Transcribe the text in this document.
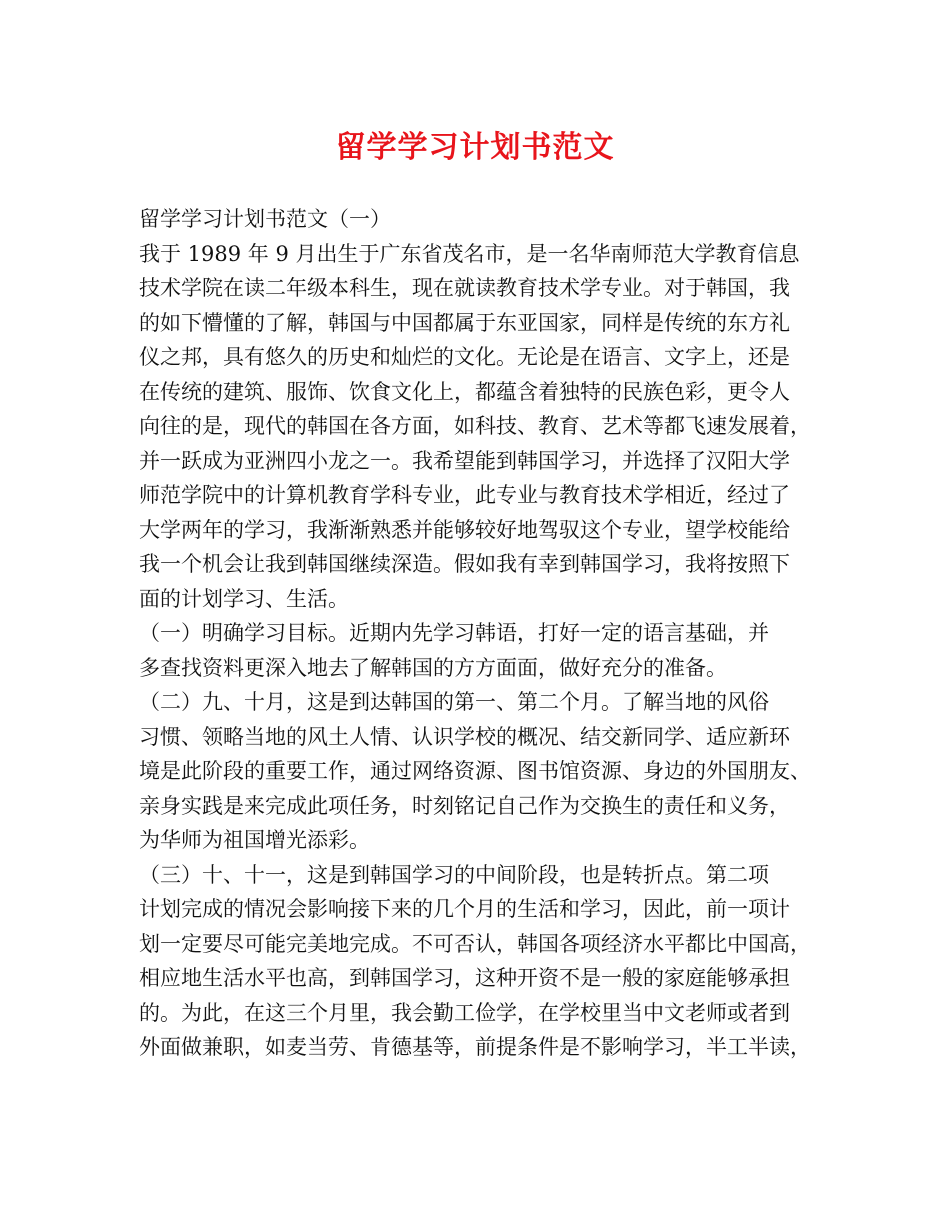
留学学习计划书范文
留学学习计划书范文（一）
我于 1989 年 9 月出生于广东省茂名市，是一名华南师范大学教育信息
技术学院在读二年级本科生，现在就读教育技术学专业。对于韩国，我
的如下懵懂的了解，韩国与中国都属于东亚国家，同样是传统的东方礼
仪之邦，具有悠久的历史和灿烂的文化。无论是在语言、文字上，还是
在传统的建筑、服饰、饮食文化上，都蕴含着独特的民族色彩，更令人
向往的是，现代的韩国在各方面，如科技、教育、艺术等都飞速发展着，
并一跃成为亚洲四小龙之一。我希望能到韩国学习，并选择了汉阳大学
师范学院中的计算机教育学科专业，此专业与教育技术学相近，经过了
大学两年的学习，我渐渐熟悉并能够较好地驾驭这个专业，望学校能给
我一个机会让我到韩国继续深造。假如我有幸到韩国学习，我将按照下
面的计划学习、生活。
（一）明确学习目标。近期内先学习韩语，打好一定的语言基础，并
多查找资料更深入地去了解韩国的方方面面，做好充分的准备。
（二）九、十月，这是到达韩国的第一、第二个月。了解当地的风俗
习惯、领略当地的风土人情、认识学校的概况、结交新同学、适应新环
境是此阶段的重要工作，通过网络资源、图书馆资源、身边的外国朋友、
亲身实践是来完成此项任务，时刻铭记自己作为交换生的责任和义务，
为华师为祖国增光添彩。
（三）十、十一，这是到韩国学习的中间阶段，也是转折点。第二项
计划完成的情况会影响接下来的几个月的生活和学习，因此，前一项计
划一定要尽可能完美地完成。不可否认，韩国各项经济水平都比中国高，
相应地生活水平也高，到韩国学习，这种开资不是一般的家庭能够承担
的。为此，在这三个月里，我会勤工俭学，在学校里当中文老师或者到
外面做兼职，如麦当劳、肯德基等，前提条件是不影响学习，半工半读，
